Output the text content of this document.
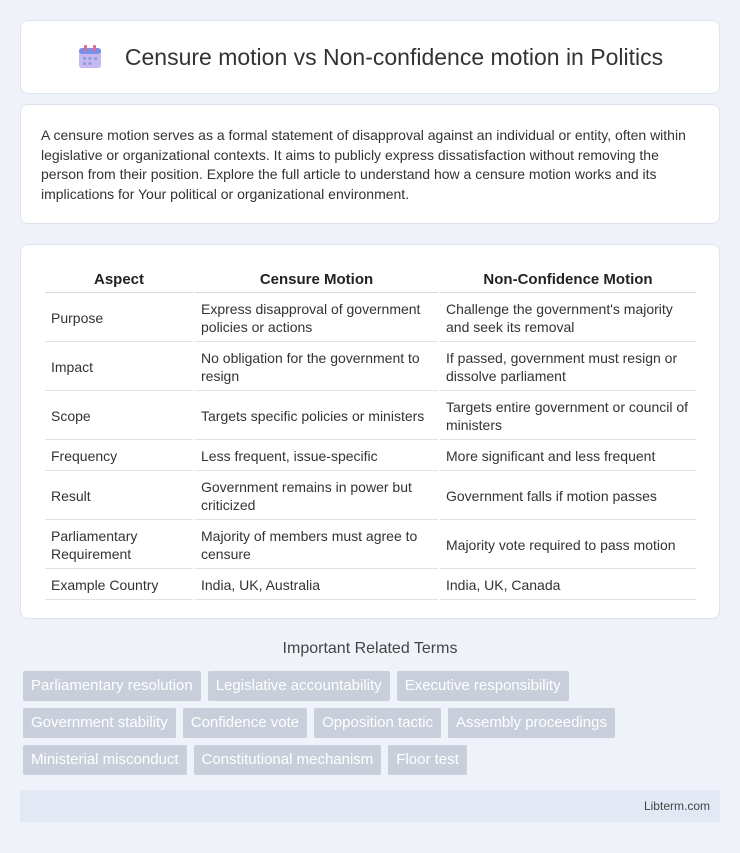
Censure motion vs Non-confidence motion in Politics

A censure motion serves as a formal statement of disapproval against an individual or entity, often within legislative or organizational contexts. It aims to publicly express dissatisfaction without removing the person from their position. Explore the full article to understand how a censure motion works and its implications for Your political or organizational environment.

Aspect	Censure Motion	Non-Confidence Motion
Purpose	Express disapproval of government policies or actions	Challenge the government's majority and seek its removal
Impact	No obligation for the government to resign	If passed, government must resign or dissolve parliament
Scope	Targets specific policies or ministers	Targets entire government or council of ministers
Frequency	Less frequent, issue-specific	More significant and less frequent
Result	Government remains in power but criticized	Government falls if motion passes
Parliamentary Requirement	Majority of members must agree to censure	Majority vote required to pass motion
Example Country	India, UK, Australia	India, UK, Canada
Important Related Terms
Parliamentary resolution	Legislative accountability	Executive responsibility
Government stability	Confidence vote	Opposition tactic	Assembly proceedings
Ministerial misconduct	Constitutional mechanism	Floor test
Libterm.com
